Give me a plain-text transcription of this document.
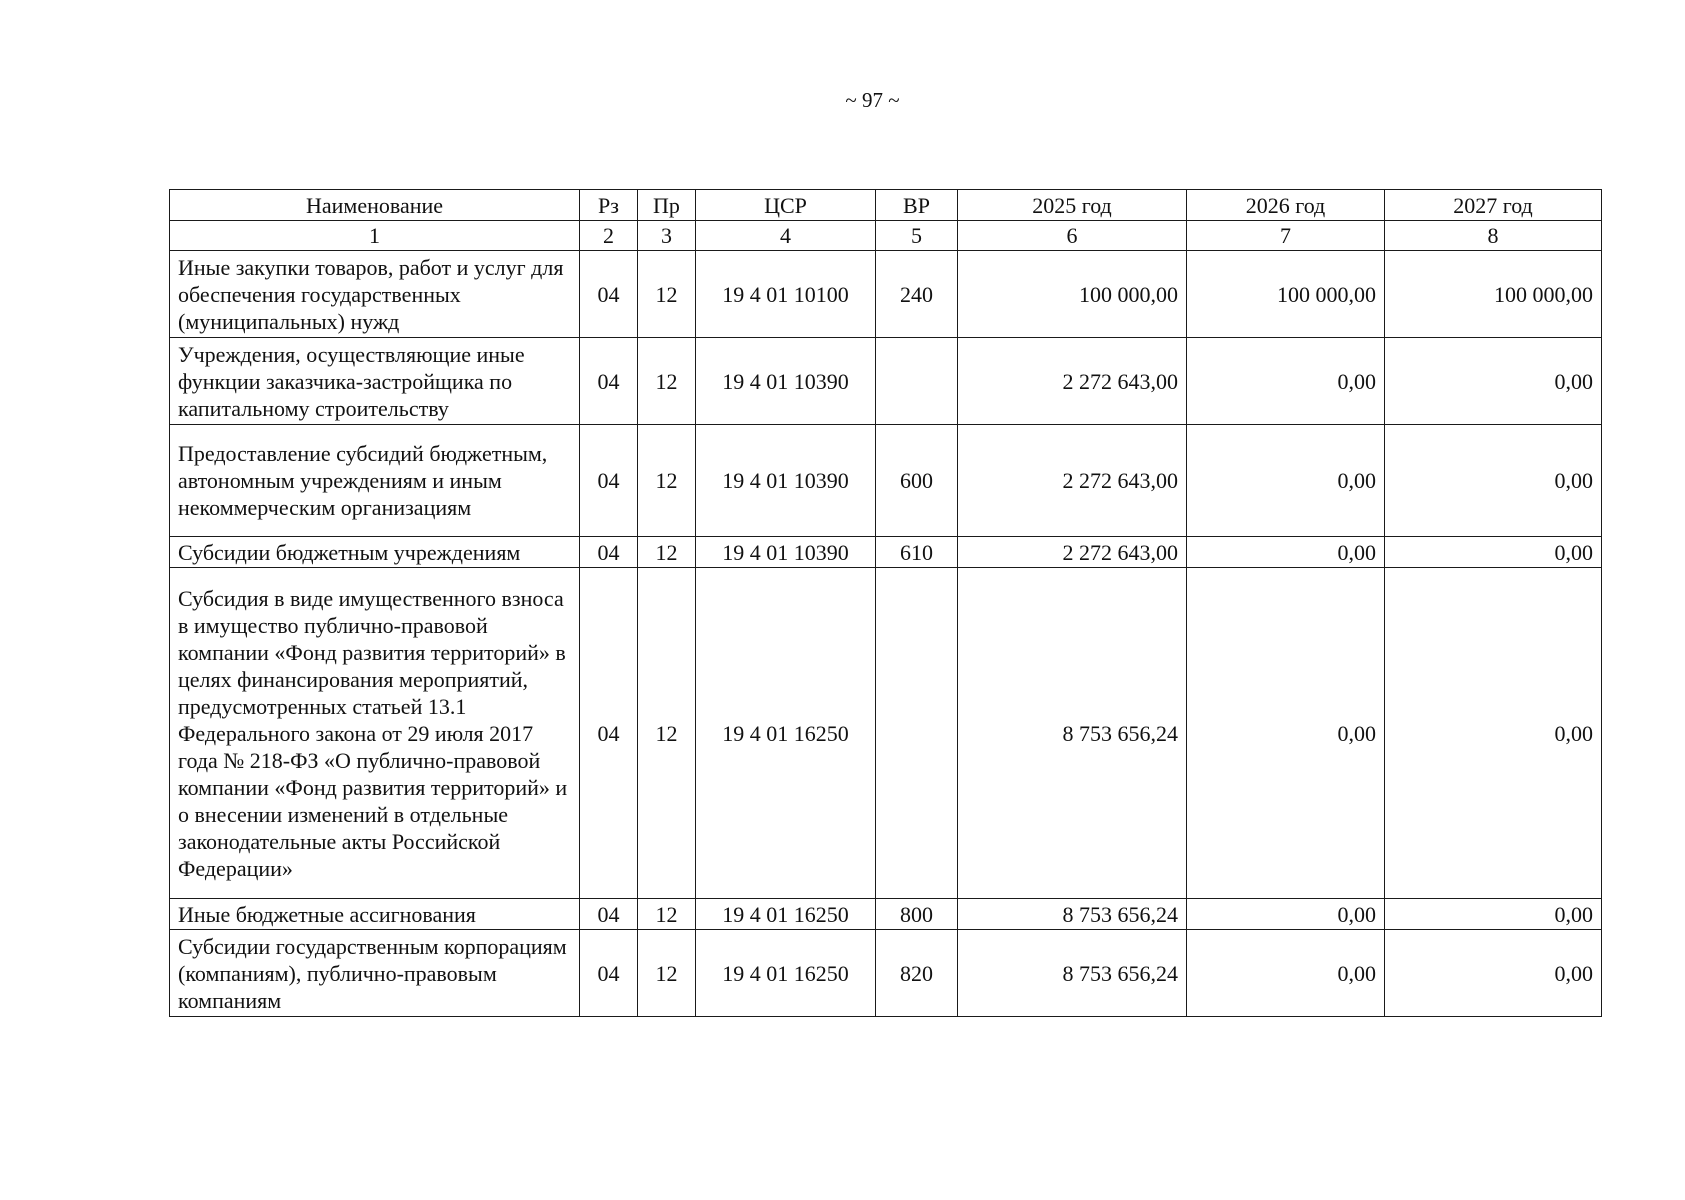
~ 97 ~
Наименование	Рз	Пр	ЦСР	ВР	2025 год	2026 год	2027 год
1	2	3	4	5	6	7	8
Иные закупки товаров, работ и услуг для обеспечения государственных (муниципальных) нужд	04	12	19 4 01 10100	240	100 000,00	100 000,00	100 000,00
Учреждения, осуществляющие иные функции заказчика-застройщика по капитальному строительству	04	12	19 4 01 10390		2 272 643,00	0,00	0,00
Предоставление субсидий бюджетным, автономным учреждениям и иным некоммерческим организациям	04	12	19 4 01 10390	600	2 272 643,00	0,00	0,00
Субсидии бюджетным учреждениям	04	12	19 4 01 10390	610	2 272 643,00	0,00	0,00
Субсидия в виде имущественного взноса в имущество публично-правовой компании «Фонд развития территорий» в целях финансирования мероприятий, предусмотренных статьей 13.1 Федерального закона от 29 июля 2017 года № 218-ФЗ «О публично-правовой компании «Фонд развития территорий» и о внесении изменений в отдельные законодательные акты Российской Федерации»	04	12	19 4 01 16250		8 753 656,24	0,00	0,00
Иные бюджетные ассигнования	04	12	19 4 01 16250	800	8 753 656,24	0,00	0,00
Субсидии государственным корпорациям (компаниям), публично-правовым компаниям	04	12	19 4 01 16250	820	8 753 656,24	0,00	0,00
